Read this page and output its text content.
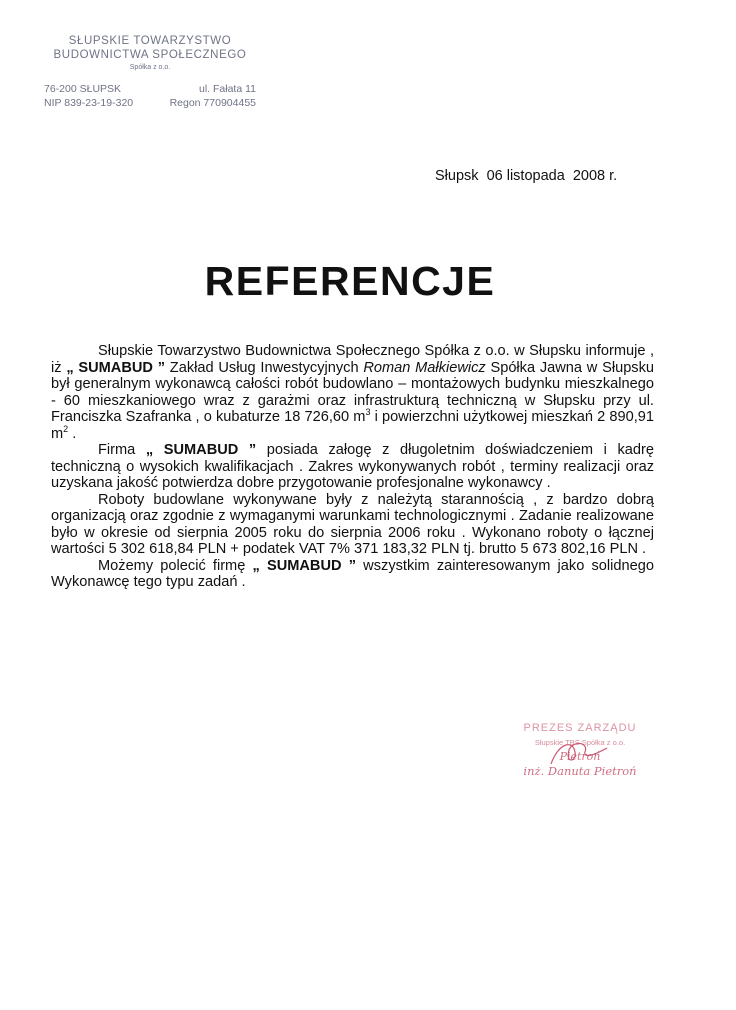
SŁUPSKIE TOWARZYSTWO
BUDOWNICTWA SPOŁECZNEGO
Spółka z o.o.
76-200 SŁUPSK	ul. Fałata 11
NIP 839-23-19-320	Regon 770904455
Słupsk  06 listopada  2008 r.
REFERENCJE

Słupskie Towarzystwo Budownictwa Społecznego Spółka z o.o. w Słupsku informuje , iż „ SUMABUD ” Zakład Usług Inwestycyjnych Roman Małkiewicz Spółka Jawna w Słupsku był generalnym wykonawcą całości robót budowlano – montażowych budynku mieszkalnego - 60 mieszkaniowego wraz z garażmi oraz infrastrukturą techniczną w Słupsku przy ul. Franciszka Szafranka , o kubaturze 18 726,60 $m^3$ i powierzchni użytkowej mieszkań 2 890,91 $m^2$ .

Firma „ SUMABUD ” posiada załogę z długoletnim doświadczeniem i kadrę techniczną o wysokich kwalifikacjach . Zakres wykonywanych robót , terminy realizacji oraz uzyskana jakość potwierdza dobre przygotowanie profesjonalne wykonawcy .

Roboty budowlane wykonywane były z należytą starannością , z bardzo dobrą organizacją oraz zgodnie z wymaganymi warunkami technologicznymi . Zadanie realizowane było w okresie od sierpnia 2005 roku do sierpnia 2006 roku . Wykonano roboty o łącznej wartości 5 302 618,84 PLN + podatek VAT 7% 371 183,32 PLN tj. brutto 5 673 802,16 PLN .

Możemy polecić firmę „ SUMABUD ” wszystkim zainteresowanym jako solidnego Wykonawcę tego typu zadań .

PREZES ZARZĄDU
Słupskie TBS Spółka z o.o.
Pietroń
inż. Danuta Pietroń
